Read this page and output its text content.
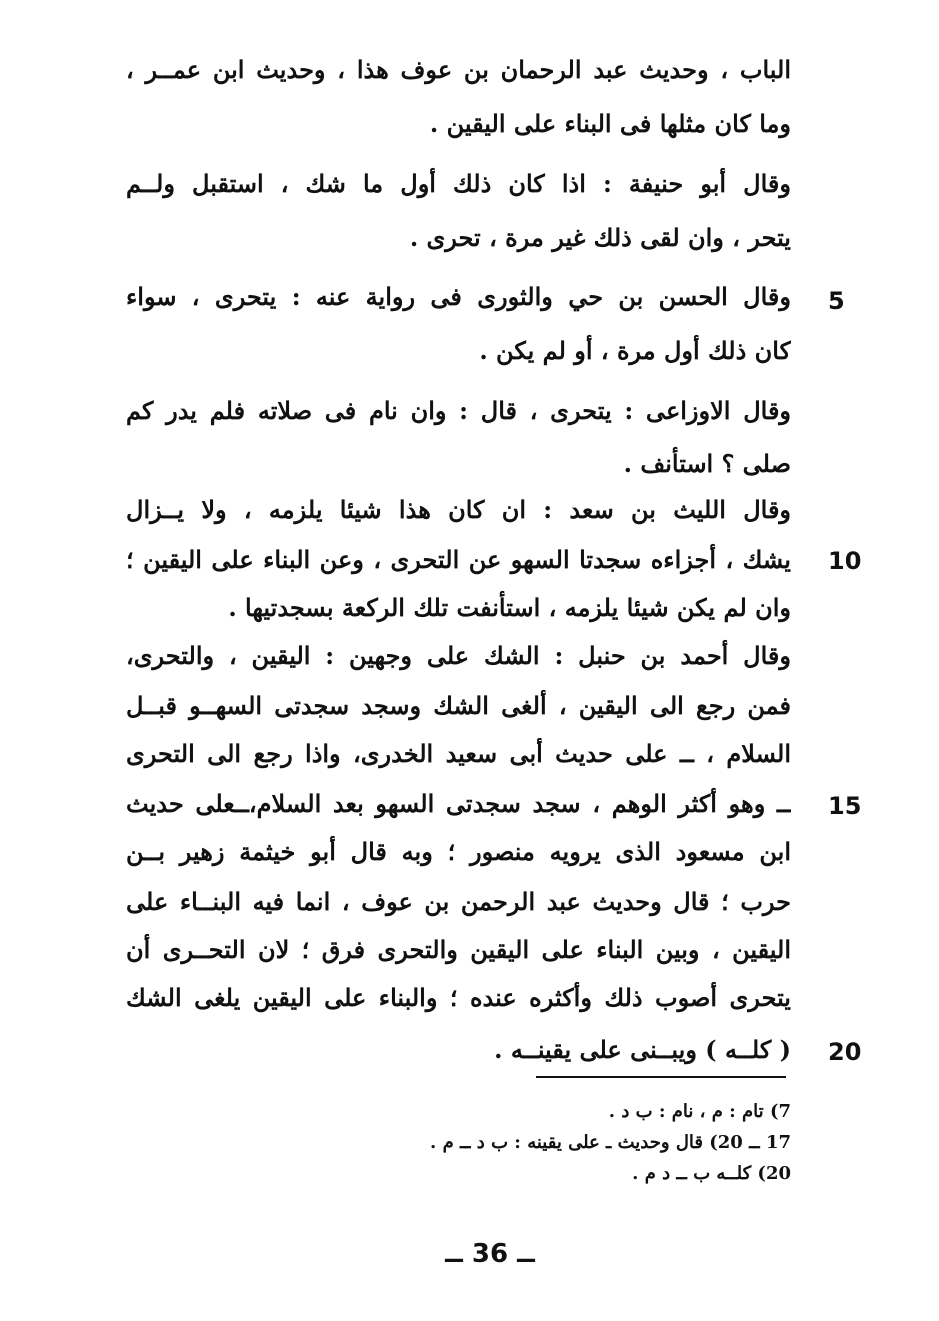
الباب ، وحديث عبد الرحمان بن عوف هذا ، وحديث ابن عمــر ،
وما كان مثلها فى البناء على اليقين .
وقال أبو حنيفة : اذا كان ذلك أول ما شك ، استقبل ولــم
يتحر ، وان لقى ذلك غير مرة ، تحرى .
وقال الحسن بن حي والثورى فى رواية عنه : يتحرى ، سواء
كان ذلك أول مرة ، أو لم يكن .
وقال الاوزاعى : يتحرى ، قال : وان نام فى صلاته فلم يدر كم
صلى ؟ استأنف .
وقال الليث بن سعد : ان كان هذا شيئا يلزمه ، ولا يــزال
يشك ، أجزاءه سجدتا السهو عن التحرى ، وعن البناء على اليقين ؛
وان لم يكن شيئا يلزمه ، استأنفت تلك الركعة بسجدتيها .
وقال أحمد بن حنبل : الشك على وجهين : اليقين ، والتحرى،
فمن رجع الى اليقين ، ألغى الشك وسجد سجدتى السهــو قبــل
السلام ، ــ على حديث أبى سعيد الخدرى، واذا رجع الى التحرى
ــ وهو أكثر الوهم ، سجد سجدتى السهو بعد السلام،ــعلى حديث
ابن مسعود الذى يرويه منصور ؛ وبه قال أبو خيثمة زهير بــن
حرب ؛ قال وحديث عبد الرحمن بن عوف ، انما فيه البنــاء على
اليقين ، وبين البناء على اليقين والتحرى فرق ؛ لان التحــرى أن
يتحرى أصوب ذلك وأكثره عنده ؛ والبناء على اليقين يلغى الشك
( كلــه ) ويبــنى على يقينــه .
5
10
15
20
7) تام : م ، نام : ب د .
17 ــ 20) قال وحديث ـ على يقينه : ب د ــ م .
20) كلــه ب ــ د م .
ــ 36 ــ
